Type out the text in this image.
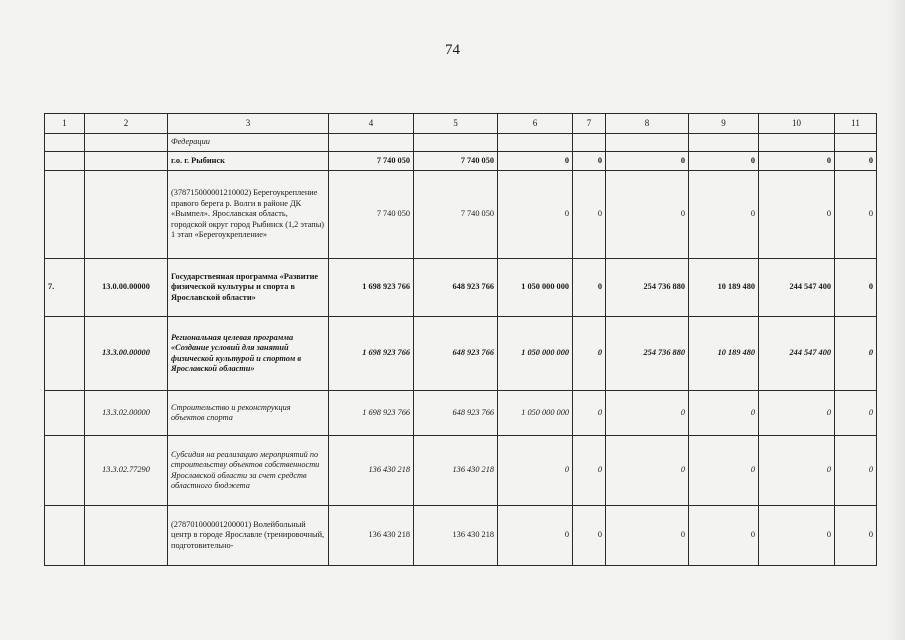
74
1	2	3	4	5	6	7	8	9	10	11
		Федерации								
		г.о. г. Рыбинск	7 740 050	7 740 050	0	0	0	0	0	0
		(378715000001210002) Берегоукрепление правого берега р. Волги в районе ДК «Вымпел». Ярославская область, городской округ город Рыбинск (1,2 этапы) 1 этап «Берегоукрепление»	7 740 050	7 740 050	0	0	0	0	0	0
7.	13.0.00.00000	Государственная программа «Развитие физической культуры и спорта в Ярославской области»	1 698 923 766	648 923 766	1 050 000 000	0	254 736 880	10 189 480	244 547 400	0
	13.3.00.00000	Региональная целевая программа «Создание условий для занятий физической культурой и спортом в Ярославской области»	1 698 923 766	648 923 766	1 050 000 000	0	254 736 880	10 189 480	244 547 400	0
	13.3.02.00000	Строительство и реконструкция объектов спорта	1 698 923 766	648 923 766	1 050 000 000	0	0	0	0	0
	13.3.02.77290	Субсидия на реализацию мероприятий по строительству объектов собственности Ярославской области за счет средств областного бюджета	136 430 218	136 430 218	0	0	0	0	0	0
		(278701000001200001) Волейбольный центр в городе Ярославле (тренировочный, подготовительно-	136 430 218	136 430 218	0	0	0	0	0	0
